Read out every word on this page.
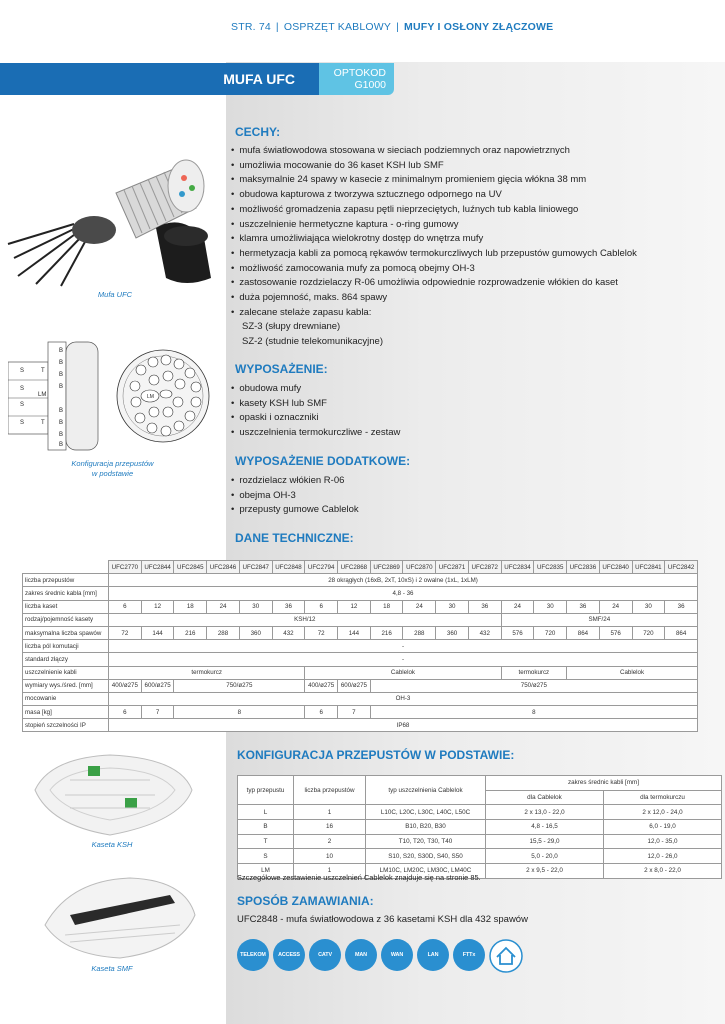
STR. 74 | OSPRZĘT KABLOWY | MUFY I OSŁONY ZŁĄCZOWE
MUFA UFC	OPTOKOD
G1000
Mufa UFC
S	T
S
LM
S
S	T
B
B
B
B
B
B
B
B
LM
Konfiguracja przepustów
w podstawie
CECHY:
• mufa światłowodowa stosowana w sieciach podziemnych oraz napowietrznych
• umożliwia mocowanie do 36 kaset KSH lub SMF
• maksymalnie 24 spawy w kasecie z minimalnym promieniem gięcia włókna 38 mm
• obudowa kapturowa z tworzywa sztucznego odpornego na UV
• możliwość gromadzenia zapasu pętli nieprzeciętych, luźnych tub kabla liniowego
• uszczelnienie hermetyczne kaptura - o-ring gumowy
• klamra umożliwiająca wielokrotny dostęp do wnętrza mufy
• hermetyzacja kabli za pomocą rękawów termokurczliwych lub przepustów gumowych Cablelok
• możliwość zamocowania mufy za pomocą obejmy OH-3
• zastosowanie rozdzielaczy R-06 umożliwia odpowiednie rozprowadzenie włókien do kaset
• duża pojemność, maks. 864 spawy
• zalecane stelaże zapasu kabla:
SZ-3 (słupy drewniane)
SZ-2 (studnie telekomunikacyjne)
WYPOSAŻENIE:
• obudowa mufy
• kasety KSH lub SMF
• opaski i oznaczniki
• uszczelnienia termokurczliwe - zestaw
WYPOSAŻENIE DODATKOWE:
• rozdzielacz włókien R-06
• obejma OH-3
• przepusty gumowe Cablelok
DANE TECHNICZNE:
	UFC2770	UFC2844	UFC2845	UFC2846	UFC2847	UFC2848	UFC2794	UFC2868	UFC2869	UFC2870	UFC2871	UFC2872	UFC2834	UFC2835	UFC2836	UFC2840	UFC2841	UFC2842
liczba przepustów	28 okrągłych (16xB, 2xT, 10xS) i 2 owalne (1xL, 1xLM)																	
zakres średnic kabla [mm]	4,8 - 36																	
liczba kaset	6	12	18	24	30	36	6	12	18	24	30	36	24	30	36	24	30	36
rodzaj/pojemność kasety	KSH/12												SMF/24					
maksymalna liczba spawów	72	144	216	288	360	432	72	144	216	288	360	432	576	720	864	576	720	864
liczba pól komutacji	-																	
standard złączy	-																	
uszczelnienie kabli	termokurcz						Cablelok						termokurcz		Cablelok			
wymiary wys./śred. [mm]	400/ø275	600/ø275	750/ø275				400/ø275	600/ø275	750/ø275									
mocowanie	OH-3																	
masa [kg]	6	7	8				6	7	8									
stopień szczelności IP	IP68																	
Kaseta KSH
Kaseta SMF
KONFIGURACJA PRZEPUSTÓW W PODSTAWIE:
typ przepustu	liczba przepustów	typ uszczelnienia Cablelok	zakres średnic kabli [mm]	
			dla Cablelok	dla termokurczu
L	1	L10C, L20C, L30C, L40C, L50C	2 x 13,0 - 22,0	2 x 12,0 - 24,0
B	16	B10, B20, B30	4,8 - 16,5	6,0 - 19,0
T	2	T10, T20, T30, T40	15,5 - 29,0	12,0 - 35,0
S	10	S10, S20, S30D, S40, S50	5,0 - 20,0	12,0 - 26,0
LM	1	LM10C, LM20C, LM30C, LM40C	2 x 9,5 - 22,0	2 x 8,0 - 22,0
Szczegółowe zestawienie uszczelnień Cablelok znajduje się na stronie 85.
SPOSÓB ZAMAWIANIA:
UFC2848 - mufa światłowodowa z 36 kasetami KSH dla 432 spawów
TELEKOM	ACCESS	CATV	MAN	WAN	LAN	FTTx
